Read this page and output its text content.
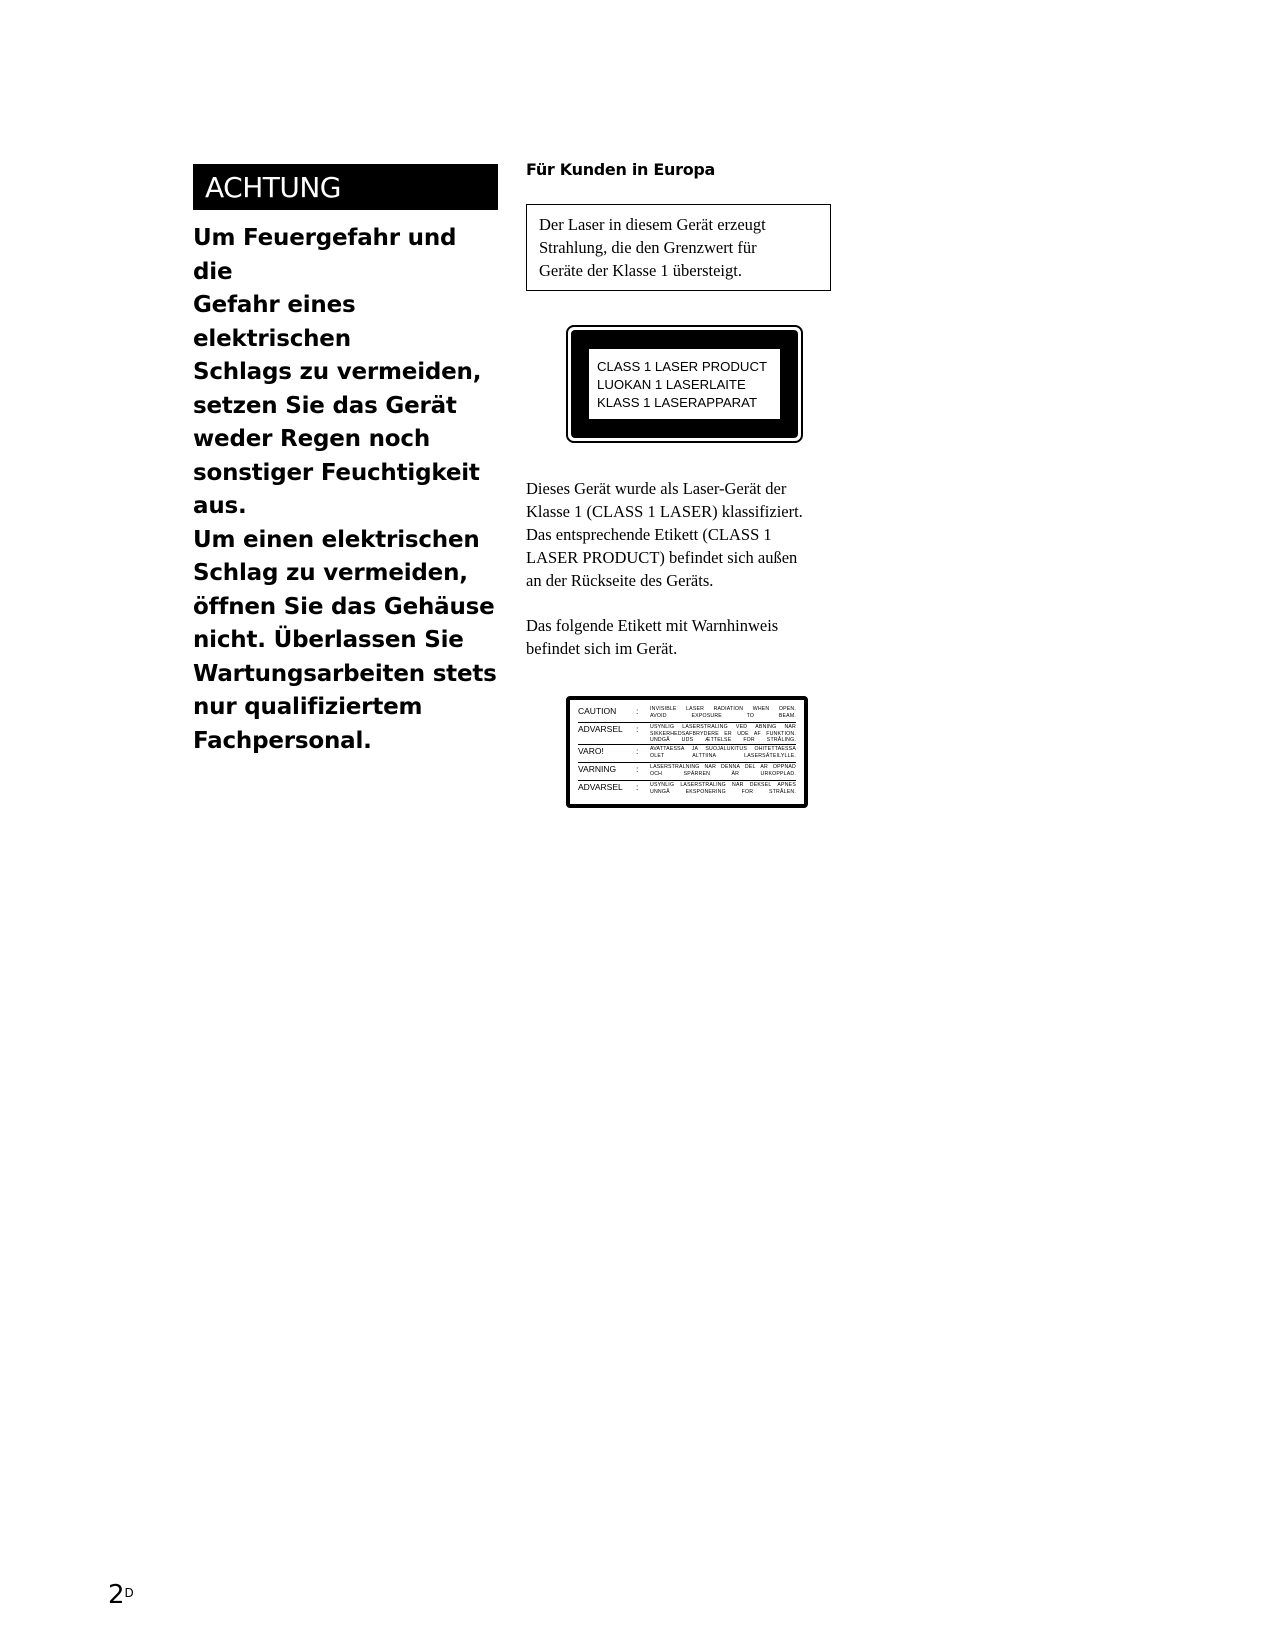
ACHTUNG

Um Feuergefahr und die

Gefahr eines elektrischen

Schlags zu vermeiden,

setzen Sie das Gerät

weder Regen noch

sonstiger Feuchtigkeit

aus.

Um einen elektrischen

Schlag zu vermeiden,

öffnen Sie das Gehäuse

nicht. Überlassen Sie

Wartungsarbeiten stets

nur qualifiziertem

Fachpersonal.

Für Kunden in Europa
Der Laser in diesem Gerät erzeugt
Strahlung, die den Grenzwert für
Geräte der Klasse 1 übersteigt.
CLASS 1 LASER PRODUCT
LUOKAN 1 LASERLAITE
KLASS 1 LASERAPPARAT
Dieses Gerät wurde als Laser-Gerät der
Klasse 1 (CLASS 1 LASER) klassifiziert.
Das entsprechende Etikett (CLASS 1
LASER PRODUCT) befindet sich außen
an der Rückseite des Geräts.
Das folgende Etikett mit Warnhinweis
befindet sich im Gerät.
CAUTION	:	INVISIBLE LASER RADIATION WHEN OPEN.
AVOID EXPOSURE TO BEAM.
ADVARSEL	:	USYNLIG LASERSTRÅLING VED ÅBNING NÅR
SIKKERHEDSAFBRYDERE ER UDE AF FUNKTION. UNDGÅ UDS ÆTTELSE FOR STRÅLING.
VARO!	:	AVATTAESSA JA SUOJALUKITUS OHITETTAESSA
OLET ALTTIINA LASERSÄTEILYLLE.
VARNING	:	LASERSTRÅLNING NÄR DENNA DEL ÄR OPPNÅD
OCH SPÄRREN ÄR URKOPPLAD.
ADVARSEL	:	USYNLIG LASERSTRÅLING NÅR DEKSEL ÅPNES
UNNGÅ EKSPONERING FOR STRÅLEN.
$2^D$
